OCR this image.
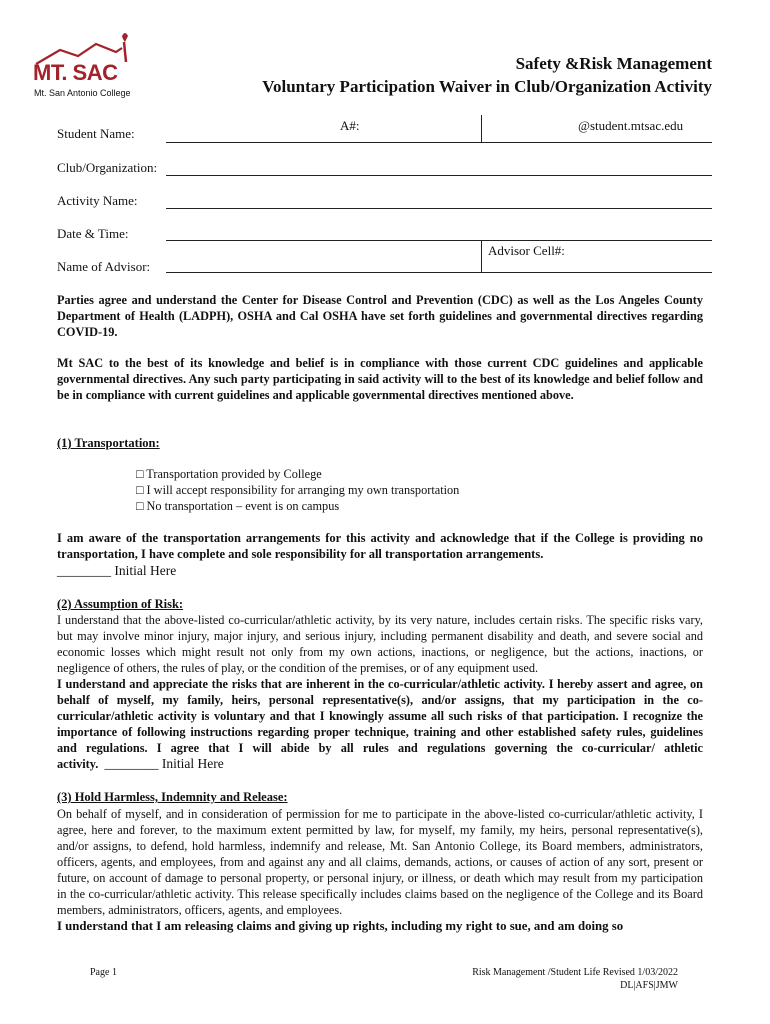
MT. SAC
Mt. San Antonio College
Safety &Risk Management
Voluntary Participation Waiver in Club/Organization Activity
Student Name:
A#:	@student.mtsac.edu
Club/Organization:
Activity Name:
Date & Time:
Advisor Cell#:
Name of Advisor:
Parties agree and understand the Center for Disease Control and Prevention (CDC) as well as the Los Angeles County Department of Health (LADPH), OSHA and Cal OSHA have set forth guidelines and governmental directives regarding COVID-19.
Mt SAC to the best of its knowledge and belief is in compliance with those current CDC guidelines and applicable governmental directives. Any such party participating in said activity will to the best of its knowledge and belief follow and be in compliance with current guidelines and applicable governmental directives mentioned above.
(1) Transportation:
□ Transportation provided by College
□ I will accept responsibility for arranging my own transportation
□ No transportation – event is on campus
I am aware of the transportation arrangements for this activity and acknowledge that if the College is providing no transportation, I have complete and sole responsibility for all transportation arrangements.
________ Initial Here
(2) Assumption of Risk:
I understand that the above-listed co-curricular/athletic activity, by its very nature, includes certain risks. The specific risks vary, but may involve minor injury, major injury, and serious injury, including permanent disability and death, and severe social and economic losses which might result not only from my own actions, inactions, or negligence, but the actions, inactions, or negligence of others, the rules of play, or the condition of the premises, or of any equipment used.
I understand and appreciate the risks that are inherent in the co-curricular/athletic activity. I hereby assert and agree, on behalf of myself, my family, heirs, personal representative(s), and/or assigns, that my participation in the co-curricular/athletic activity is voluntary and that I knowingly assume all such risks of that participation. I recognize the importance of following instructions regarding proper technique, training and other established safety rules, guidelines and regulations. I agree that I will abide by all rules and regulations governing the co-curricular/ athletic activity. ________ Initial Here
(3) Hold Harmless, Indemnity and Release:
On behalf of myself, and in consideration of permission for me to participate in the above-listed co-curricular/athletic activity, I agree, here and forever, to the maximum extent permitted by law, for myself, my family, my heirs, personal representative(s), and/or assigns, to defend, hold harmless, indemnify and release, Mt. San Antonio College, its Board members, administrators, officers, agents, and employees, from and against any and all claims, demands, actions, or causes of action of any sort, present or future, on account of damage to personal property, or personal injury, or illness, or death which may result from my participation in the co-curricular/athletic activity. This release specifically includes claims based on the negligence of the College and its Board members, administrators, officers, agents, and employees.
I understand that I am releasing claims and giving up rights, including my right to sue, and am doing so
Page 1	Risk Management /Student Life Revised 1/03/2022
DL|AFS|JMW
